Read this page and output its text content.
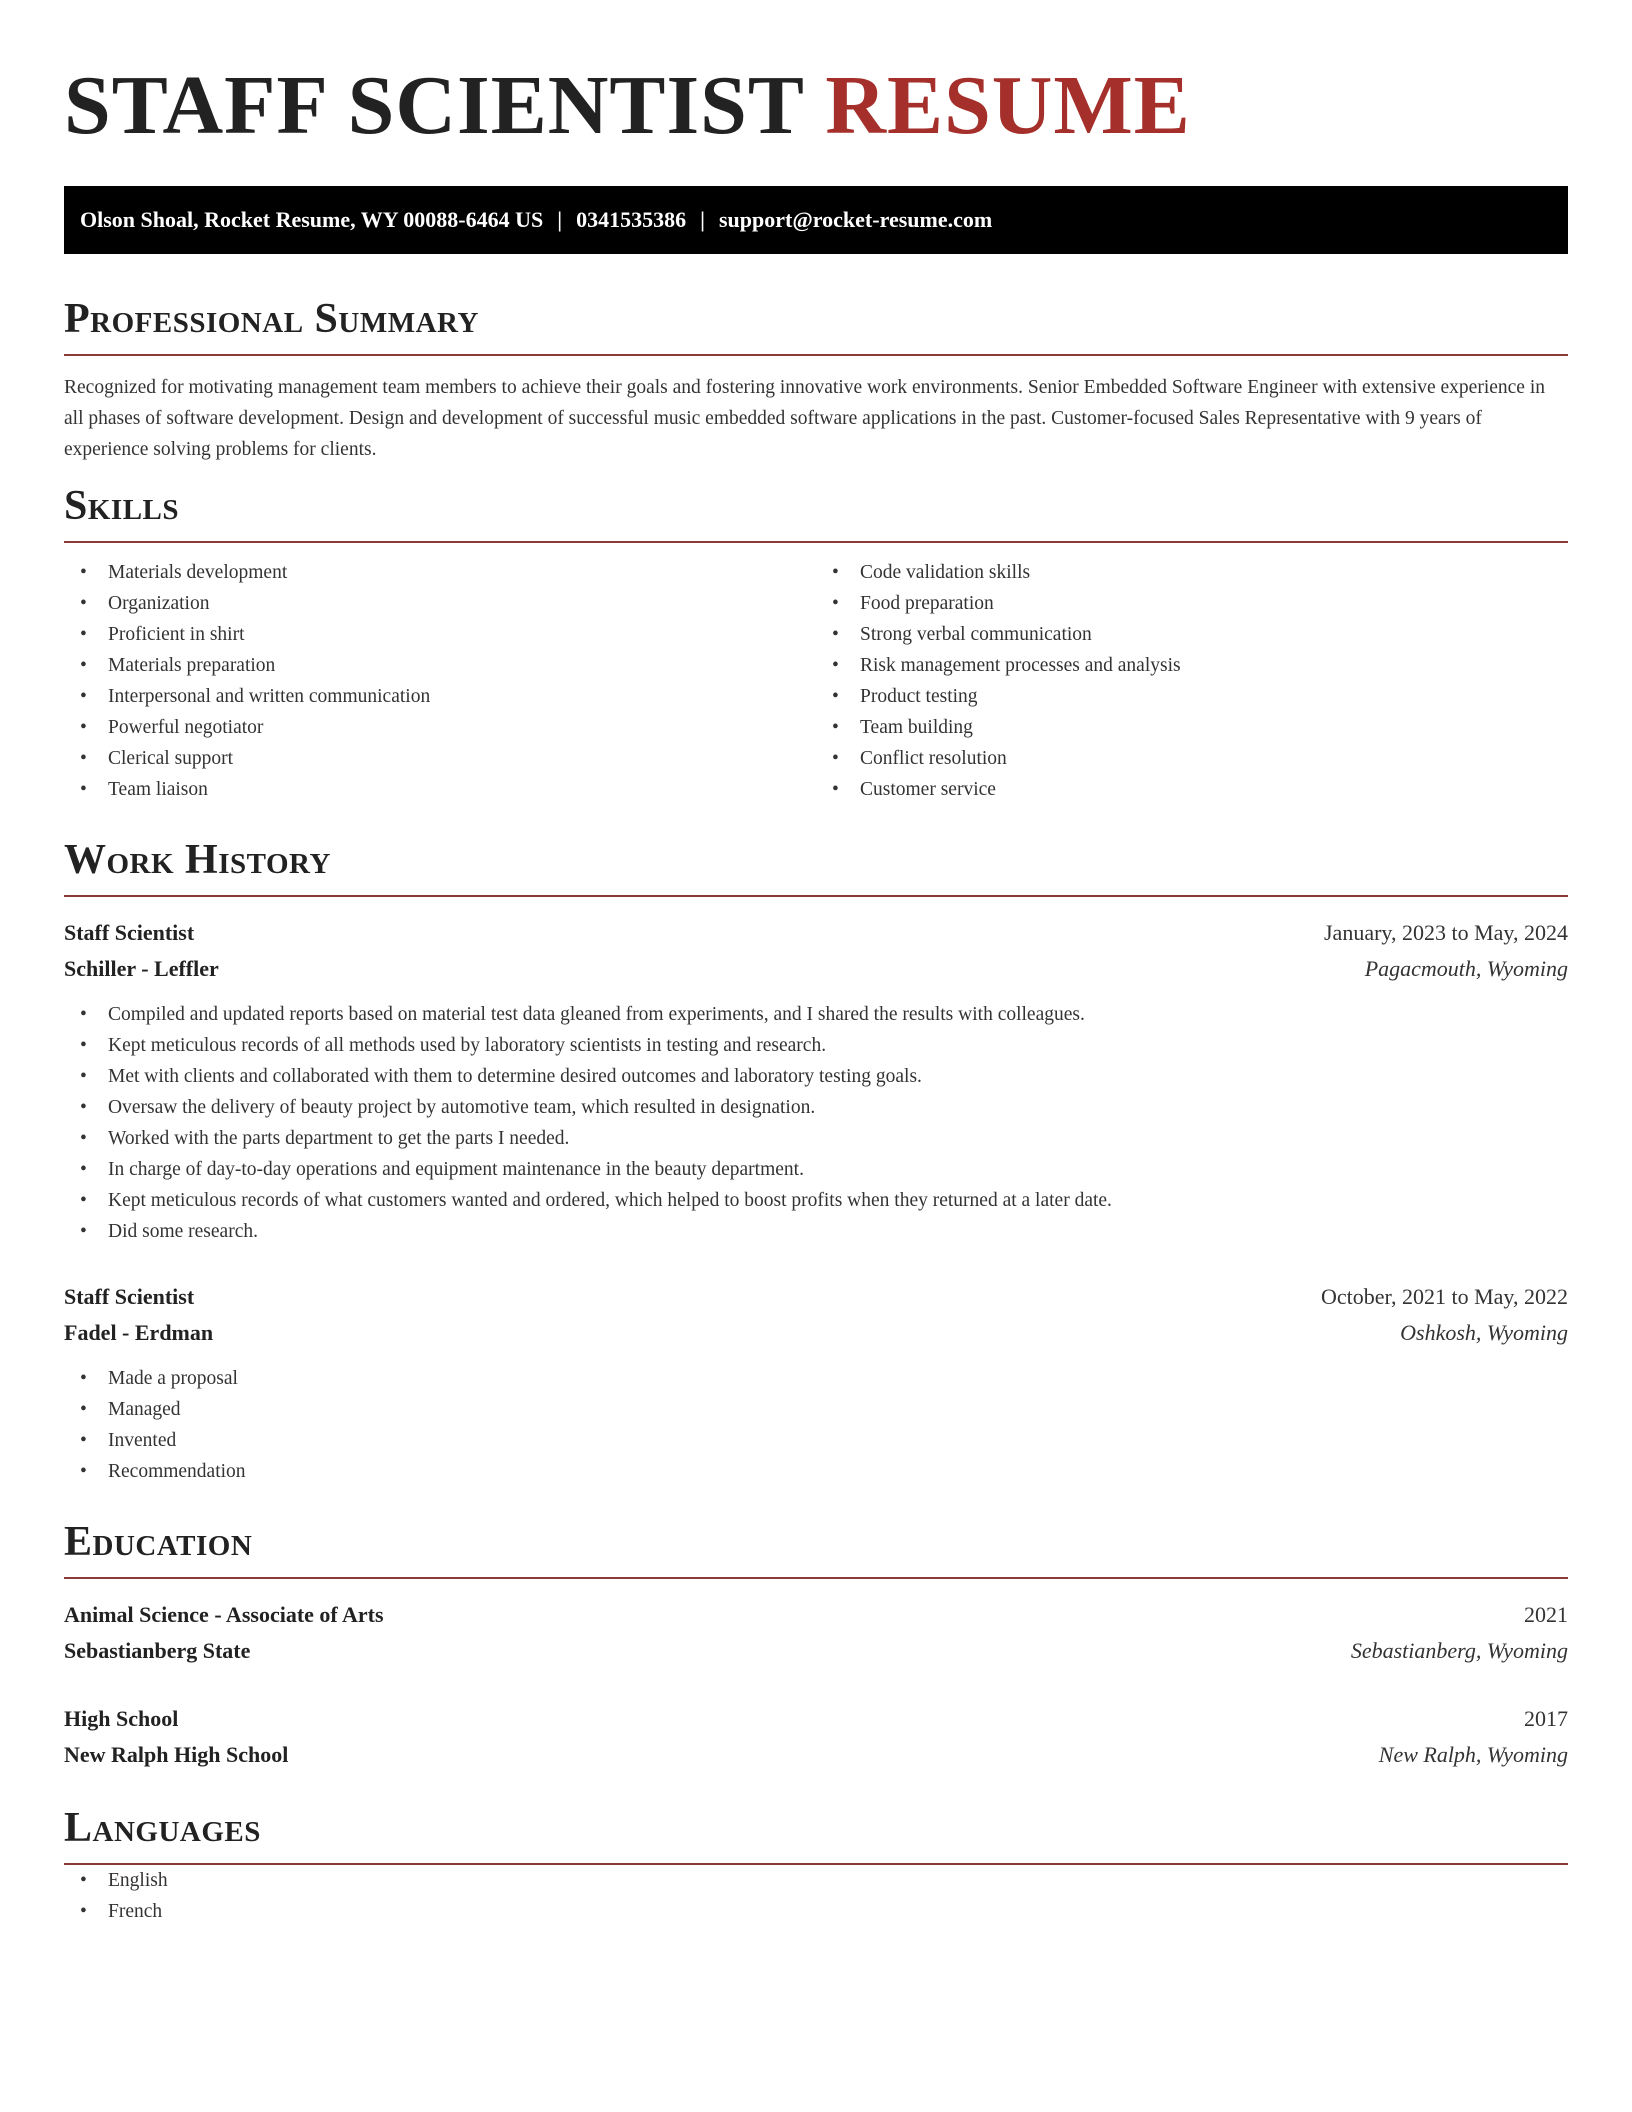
STAFF SCIENTIST RESUME
Olson Shoal, Rocket Resume, WY 00088-6464 US | 0341535386 | support@rocket-resume.com
Professional Summary

Recognized for motivating management team members to achieve their goals and fostering innovative work environments. Senior Embedded Software Engineer with extensive experience in all phases of software development. Design and development of successful music embedded software applications in the past. Customer-focused Sales Representative with 9 years of experience solving problems for clients.

Skills
• Materials development
• Organization
• Proficient in shirt
• Materials preparation
• Interpersonal and written communication
• Powerful negotiator
• Clerical support
• Team liaison
• Code validation skills
• Food preparation
• Strong verbal communication
• Risk management processes and analysis
• Product testing
• Team building
• Conflict resolution
• Customer service
Work History
Staff Scientist	January, 2023 to May, 2024
Schiller - Leffler	Pagacmouth, Wyoming
• Compiled and updated reports based on material test data gleaned from experiments, and I shared the results with colleagues.
• Kept meticulous records of all methods used by laboratory scientists in testing and research.
• Met with clients and collaborated with them to determine desired outcomes and laboratory testing goals.
• Oversaw the delivery of beauty project by automotive team, which resulted in designation.
• Worked with the parts department to get the parts I needed.
• In charge of day-to-day operations and equipment maintenance in the beauty department.
• Kept meticulous records of what customers wanted and ordered, which helped to boost profits when they returned at a later date.
• Did some research.
Staff Scientist	October, 2021 to May, 2022
Fadel - Erdman	Oshkosh, Wyoming
• Made a proposal
• Managed
• Invented
• Recommendation
Education
Animal Science - Associate of Arts	2021
Sebastianberg State	Sebastianberg, Wyoming
High School	2017
New Ralph High School	New Ralph, Wyoming
Languages
• English
• French
